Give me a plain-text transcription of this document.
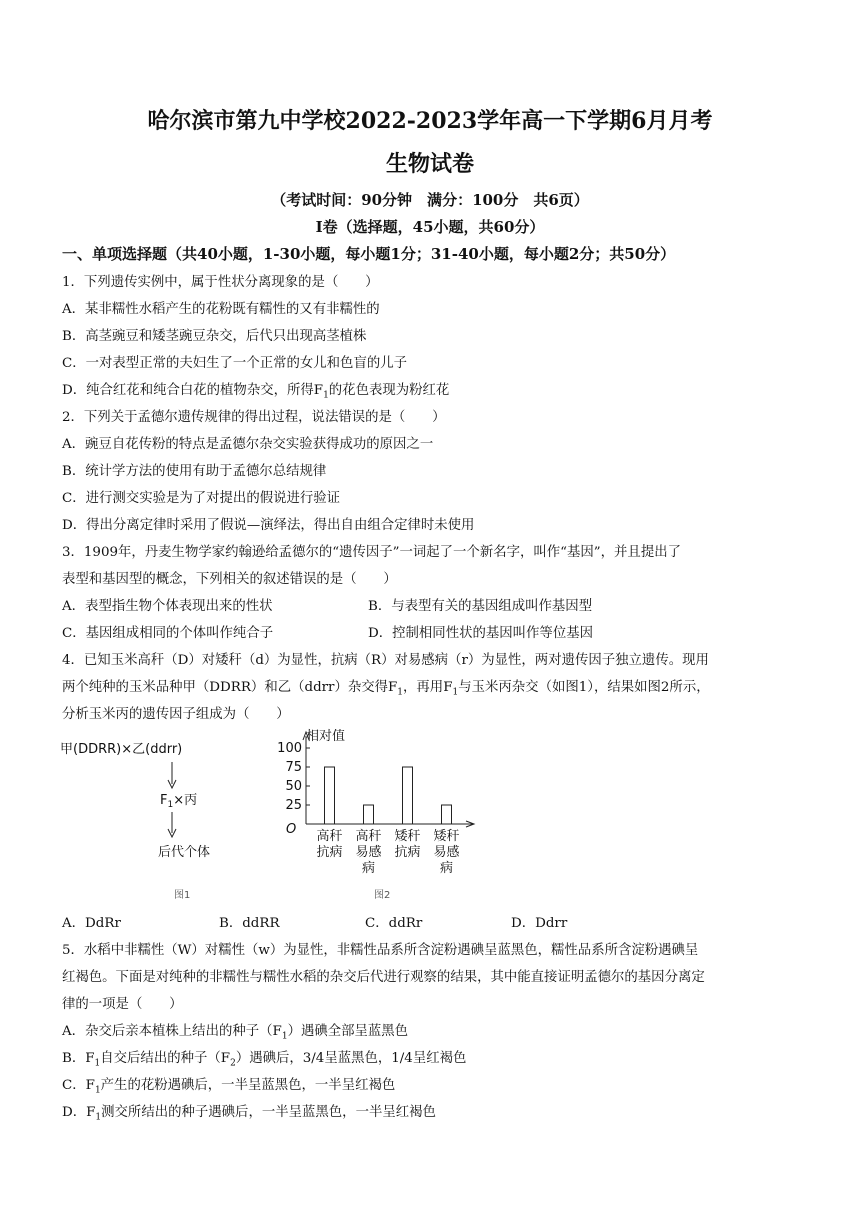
哈尔滨市第九中学校2022-2023学年高一下学期6月月考
生物试卷
（考试时间：90分钟　满分：100分　共6页）
Ⅰ卷（选择题，45小题，共60分）
一、单项选择题（共40小题，1-30小题，每小题1分；31-40小题，每小题2分；共50分）
1．下列遗传实例中，属于性状分离现象的是（　　）
A．某非糯性水稻产生的花粉既有糯性的又有非糯性的
B．高茎豌豆和矮茎豌豆杂交，后代只出现高茎植株
C．一对表型正常的夫妇生了一个正常的女儿和色盲的儿子
D．纯合红花和纯合白花的植物杂交，所得$F_1$的花色表现为粉红花
2．下列关于孟德尔遗传规律的得出过程，说法错误的是（　　）
A．豌豆自花传粉的特点是孟德尔杂交实验获得成功的原因之一
B．统计学方法的使用有助于孟德尔总结规律
C．进行测交实验是为了对提出的假说进行验证
D．得出分离定律时采用了假说—演绎法，得出自由组合定律时未使用
3．1909年，丹麦生物学家约翰逊给孟德尔的“遗传因子”一词起了一个新名字，叫作“基因”，并且提出了
表型和基因型的概念，下列相关的叙述错误的是（　　）
A．表型指生物个体表现出来的性状	B．与表型有关的基因组成叫作基因型
C．基因组成相同的个体叫作纯合子	D．控制相同性状的基因叫作等位基因
4．已知玉米高秆（D）对矮秆（d）为显性，抗病（R）对易感病（r）为显性，两对遗传因子独立遗传。现用
两个纯种的玉米品种甲（DDRR）和乙（ddrr）杂交得$F_1$，再用$F_1$与玉米丙杂交（如图1），结果如图2所示，
分析玉米丙的遗传因子组成为（　　）
甲(DDRR)×乙(ddrr)
$F_1\times$丙
后代个体
图1
相对值
O
100
75
50
25
高秆
抗病
高秆
易感
病
矮秆
抗病
矮秆
易感
病
图2
A．DdRr	B．ddRR	C．ddRr	D．Ddrr
5．水稻中非糯性（W）对糯性（w）为显性，非糯性品系所含淀粉遇碘呈蓝黑色，糯性品系所含淀粉遇碘呈
红褐色。下面是对纯种的非糯性与糯性水稻的杂交后代进行观察的结果，其中能直接证明孟德尔的基因分离定
律的一项是（　　）
A．杂交后亲本植株上结出的种子$(F_1)$遇碘全部呈蓝黑色
B．$F_1$自交后结出的种子$(F_2)$遇碘后，3/4呈蓝黑色，1/4呈红褐色
C．$F_1$产生的花粉遇碘后，一半呈蓝黑色，一半呈红褐色
D．$F_1$测交所结出的种子遇碘后，一半呈蓝黑色，一半呈红褐色
